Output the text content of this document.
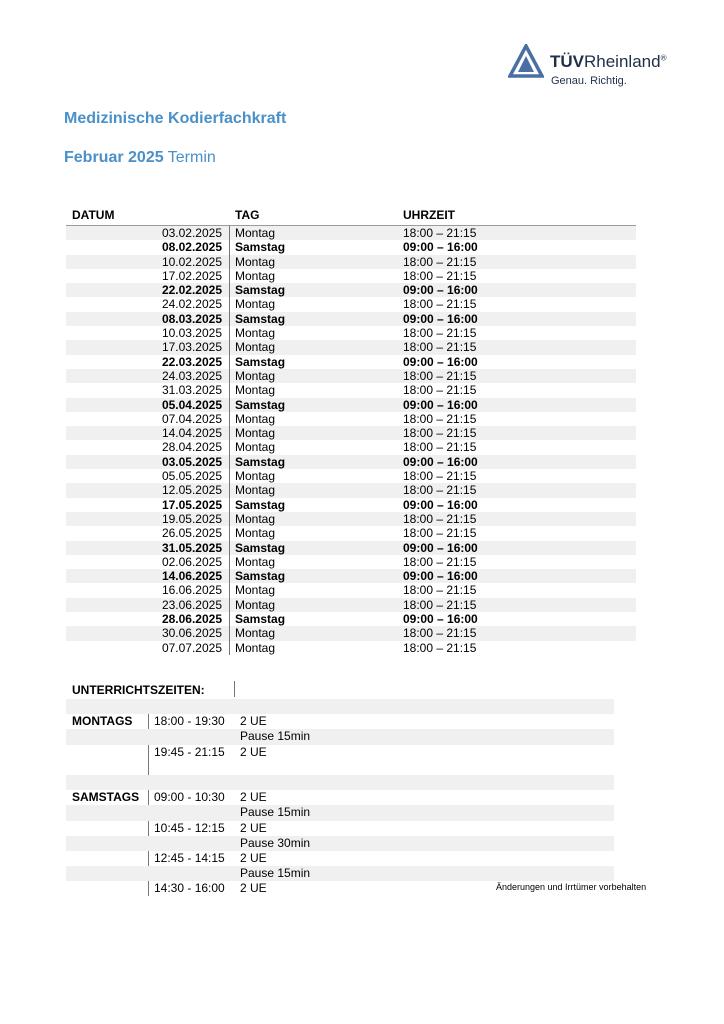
TÜVRheinland®
Genau. Richtig.
Medizinische Kodierfachkraft
Februar 2025 Termin
DATUM	TAG	UHRZEIT
03.02.2025 Montag	18:00 – 21:15
08.02.2025 Samstag	09:00 – 16:00
10.02.2025 Montag	18:00 – 21:15
17.02.2025 Montag	18:00 – 21:15
22.02.2025 Samstag	09:00 – 16:00
24.02.2025 Montag	18:00 – 21:15
08.03.2025 Samstag	09:00 – 16:00
10.03.2025 Montag	18:00 – 21:15
17.03.2025 Montag	18:00 – 21:15
22.03.2025 Samstag	09:00 – 16:00
24.03.2025 Montag	18:00 – 21:15
31.03.2025 Montag	18:00 – 21:15
05.04.2025 Samstag	09:00 – 16:00
07.04.2025 Montag	18:00 – 21:15
14.04.2025 Montag	18:00 – 21:15
28.04.2025 Montag	18:00 – 21:15
03.05.2025 Samstag	09:00 – 16:00
05.05.2025 Montag	18:00 – 21:15
12.05.2025 Montag	18:00 – 21:15
17.05.2025 Samstag	09:00 – 16:00
19.05.2025 Montag	18:00 – 21:15
26.05.2025 Montag	18:00 – 21:15
31.05.2025 Samstag	09:00 – 16:00
02.06.2025 Montag	18:00 – 21:15
14.06.2025 Samstag	09:00 – 16:00
16.06.2025 Montag	18:00 – 21:15
23.06.2025 Montag	18:00 – 21:15
28.06.2025 Samstag	09:00 – 16:00
30.06.2025 Montag	18:00 – 21:15
07.07.2025 Montag	18:00 – 21:15
UNTERRICHTSZEITEN:
MONTAGS 18:00 - 19:30 2 UE
Pause 15min
19:45 - 21:15 2 UE
SAMSTAGS 09:00 - 10:30 2 UE
Pause 15min
10:45 - 12:15 2 UE
Pause 30min
12:45 - 14:15 2 UE
Pause 15min
14:30 - 16:00 2 UE	Änderungen und Irrtümer vorbehalten
